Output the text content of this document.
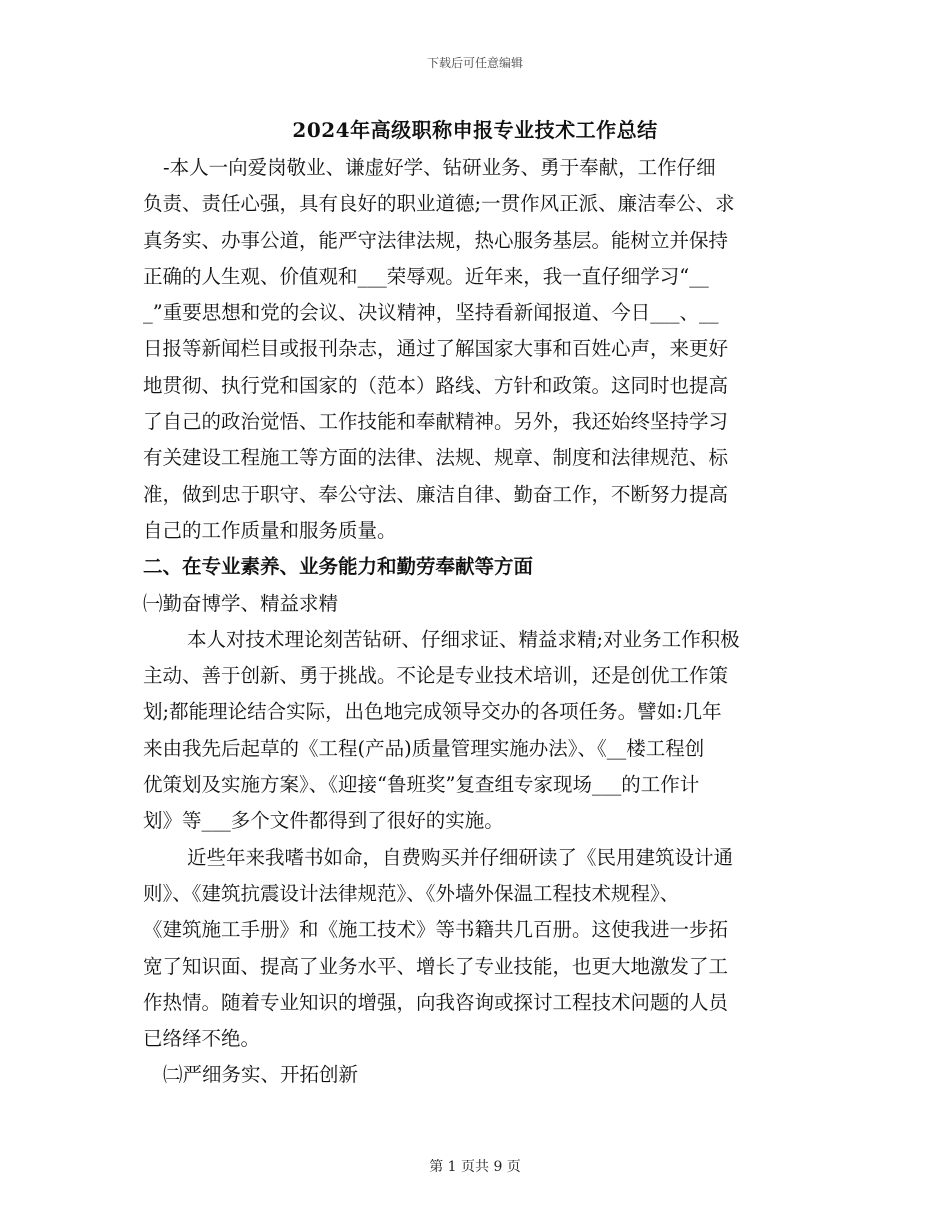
下载后可任意编辑
2024年高级职称申报专业技术工作总结
-本人一向爱岗敬业、谦虚好学、钻研业务、勇于奉献，工作仔细
负责、责任心强，具有良好的职业道德;一贯作风正派、廉洁奉公、求
真务实、办事公道，能严守法律法规，热心服务基层。能树立并保持
正确的人生观、价值观和___荣辱观。近年来，我一直仔细学习“__
_”重要思想和党的会议、决议精神，坚持看新闻报道、今日___、__
日报等新闻栏目或报刊杂志，通过了解国家大事和百姓心声，来更好
地贯彻、执行党和国家的（范本）路线、方针和政策。这同时也提高
了自己的政治觉悟、工作技能和奉献精神。另外，我还始终坚持学习
有关建设工程施工等方面的法律、法规、规章、制度和法律规范、标
准，做到忠于职守、奉公守法、廉洁自律、勤奋工作，不断努力提高
自己的工作质量和服务质量。
二、在专业素养、业务能力和勤劳奉献等方面
㈠勤奋博学、精益求精
本人对技术理论刻苦钻研、仔细求证、精益求精;对业务工作积极
主动、善于创新、勇于挑战。不论是专业技术培训，还是创优工作策
划;都能理论结合实际，出色地完成领导交办的各项任务。譬如:几年
来由我先后起草的《工程(产品)质量管理实施办法》、《__楼工程创
优策划及实施方案》、《迎接“鲁班奖”复查组专家现场___的工作计
划》等___多个文件都得到了很好的实施。
近些年来我嗜书如命，自费购买并仔细研读了《民用建筑设计通
则》、《建筑抗震设计法律规范》、《外墙外保温工程技术规程》、
《建筑施工手册》和《施工技术》等书籍共几百册。这使我进一步拓
宽了知识面、提高了业务水平、增长了专业技能，也更大地激发了工
作热情。随着专业知识的增强，向我咨询或探讨工程技术问题的人员
已络绎不绝。
㈡严细务实、开拓创新
第 1 页共 9 页
